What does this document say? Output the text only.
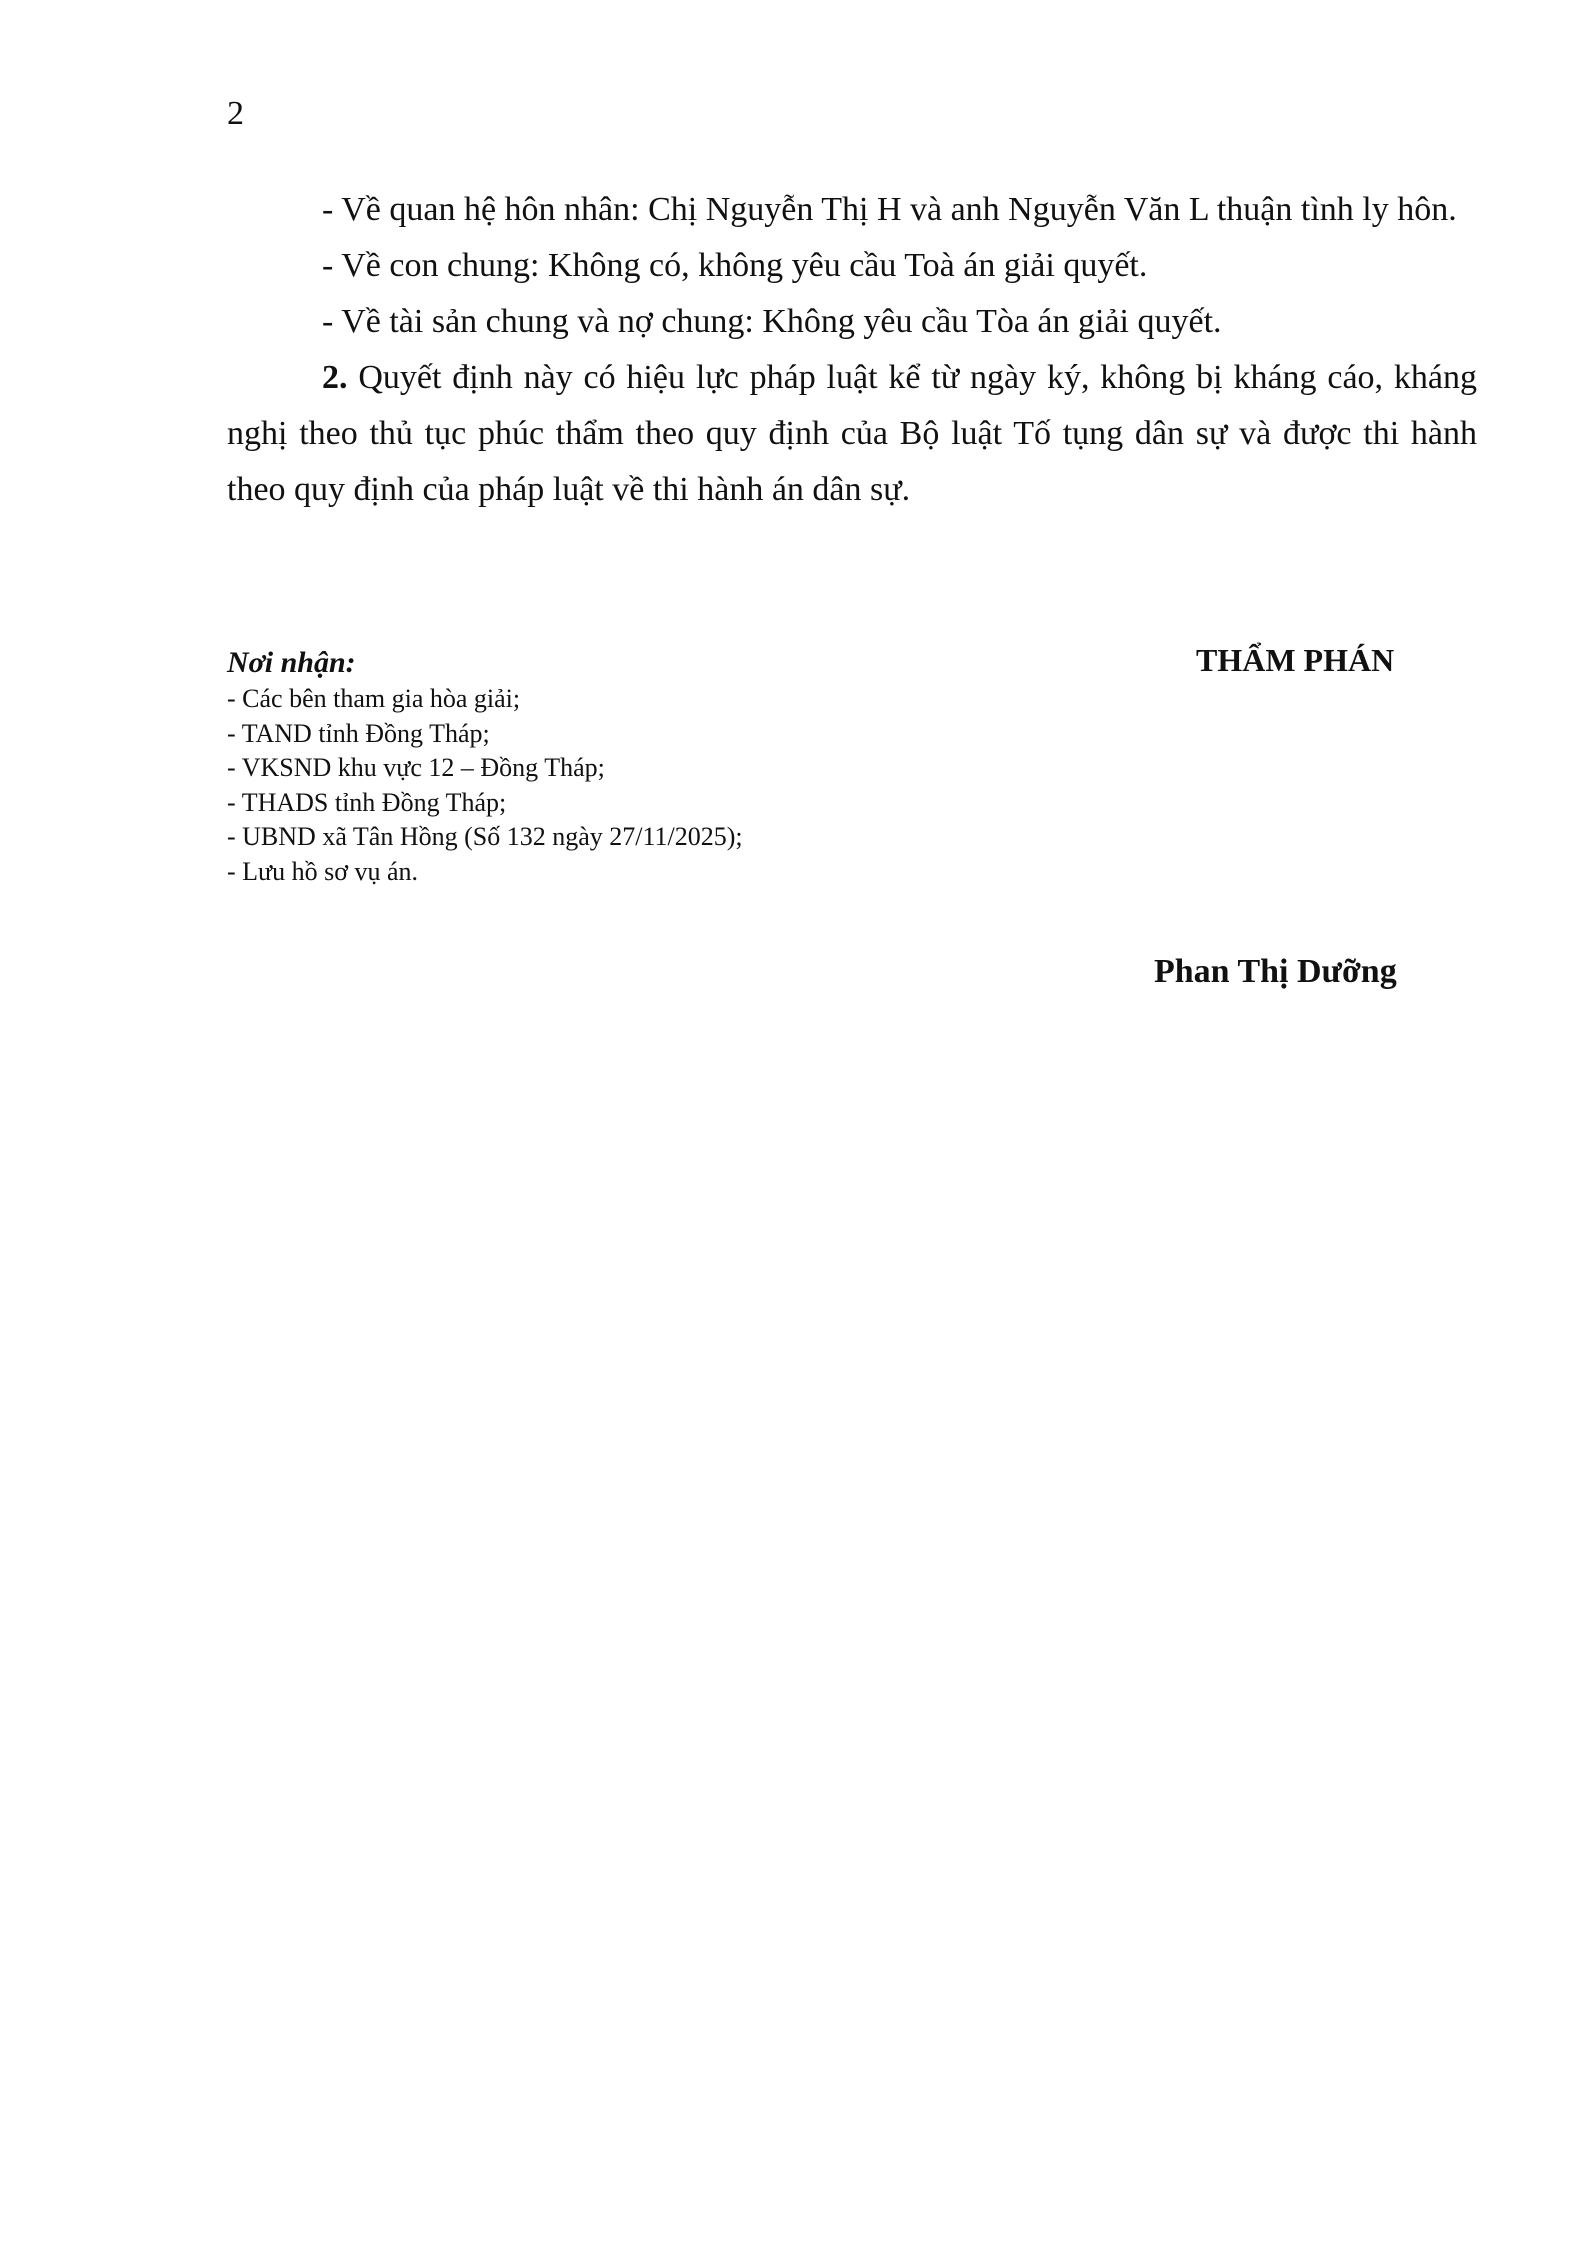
2

- Về quan hệ hôn nhân: Chị Nguyễn Thị H và anh Nguyễn Văn L thuận tình ly hôn.

- Về con chung: Không có, không yêu cầu Toà án giải quyết.

- Về tài sản chung và nợ chung: Không yêu cầu Tòa án giải quyết.

2. Quyết định này có hiệu lực pháp luật kể từ ngày ký, không bị kháng cáo, kháng nghị theo thủ tục phúc thẩm theo quy định của Bộ luật Tố tụng dân sự và được thi hành theo quy định của pháp luật về thi hành án dân sự.

Nơi nhận:
- Các bên tham gia hòa giải;
- TAND tỉnh Đồng Tháp;
- VKSND khu vực 12 – Đồng Tháp;
- THADS tỉnh Đồng Tháp;
- UBND xã Tân Hồng (Số 132 ngày 27/11/2025);
- Lưu hồ sơ vụ án.
THẨM PHÁN
Phan Thị Dưỡng
